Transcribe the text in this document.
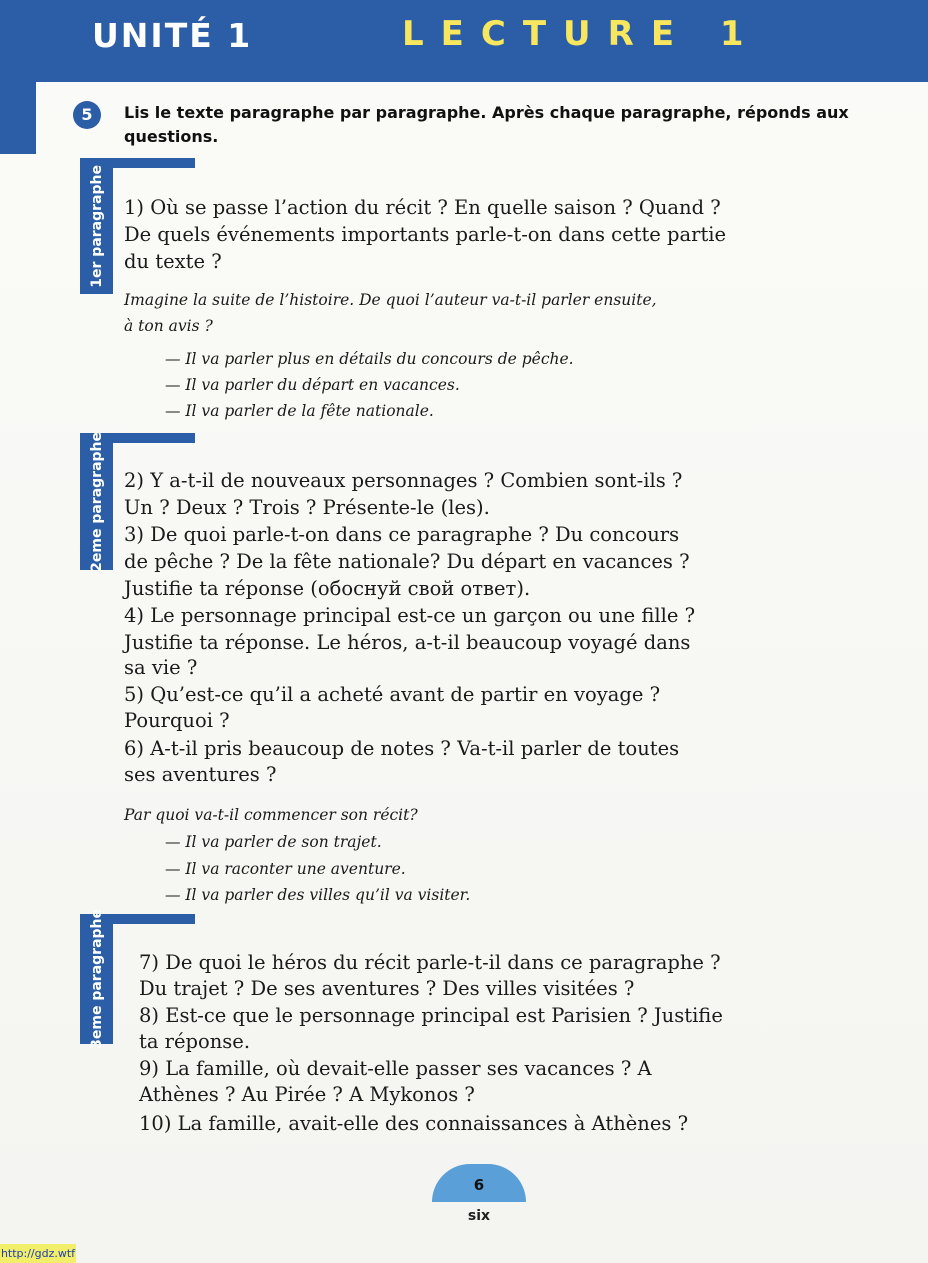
UNITÉ 1	LECTURE 1
5	Lis le texte paragraphe par paragraphe. Après chaque paragraphe, réponds aux questions.
1er paragraphe 1) Où se passe l’action du récit ? En quelle saison ? Quand ?
De quels événements importants parle-t-on dans cette partie
du texte ?
Imagine la suite de l’histoire. De quoi l’auteur va-t-il parler ensuite,
à ton avis ?
— Il va parler plus en détails du concours de pêche.
— Il va parler du départ en vacances.
— Il va parler de la fête nationale.
2eme paragraphe 2) Y a-t-il de nouveaux personnages ? Combien sont-ils ?
Un ? Deux ? Trois ? Présente-le (les).
3) De quoi parle-t-on dans ce paragraphe ? Du concours
de pêche ? De la fête nationale? Du départ en vacances ?
Justifie ta réponse (обоснуй свой ответ).
4) Le personnage principal est-ce un garçon ou une fille ?
Justifie ta réponse. Le héros, a-t-il beaucoup voyagé dans
sa vie ?
5) Qu’est-ce qu’il a acheté avant de partir en voyage ?
Pourquoi ?
6) A-t-il pris beaucoup de notes ? Va-t-il parler de toutes
ses aventures ?
Par quoi va-t-il commencer son récit?
— Il va parler de son trajet.
— Il va raconter une aventure.
— Il va parler des villes qu’il va visiter.
3eme paragraphe 7) De quoi le héros du récit parle-t-il dans ce paragraphe ?
Du trajet ? De ses aventures ? Des villes visitées ?
8) Est-ce que le personnage principal est Parisien ? Justifie
ta réponse.
9) La famille, où devait-elle passer ses vacances ? A
Athènes ? Au Pirée ? A Mykonos ?
10) La famille, avait-elle des connaissances à Athènes ?
6
six
http://gdz.wtf
